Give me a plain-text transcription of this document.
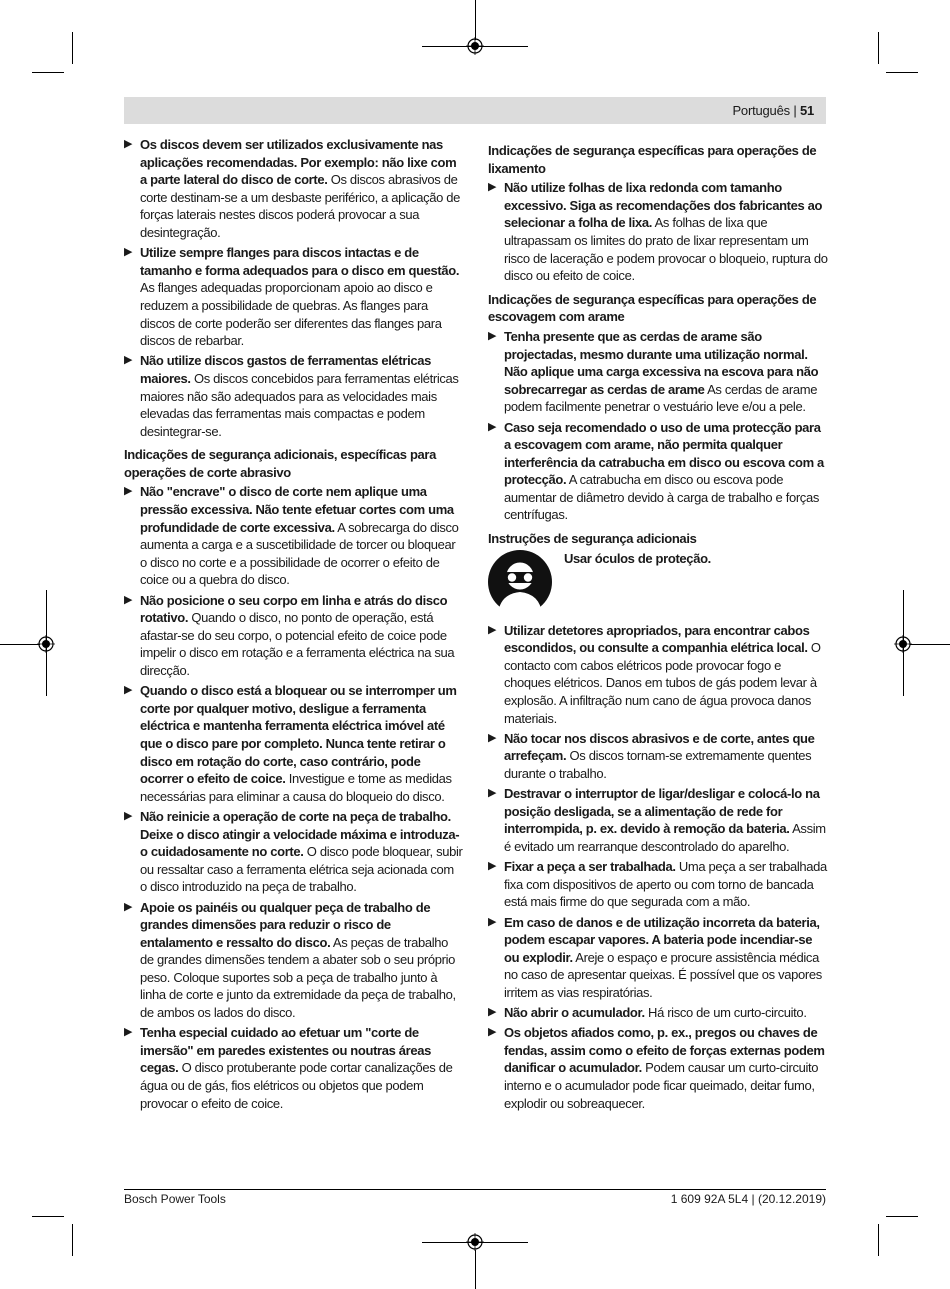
Português | 51
▶ Os discos devem ser utilizados exclusivamente nas aplicações recomendadas. Por exemplo: não lixe com a parte lateral do disco de corte. Os discos abrasivos de corte destinam-se a um desbaste periférico, a aplicação de forças laterais nestes discos poderá provocar a sua desintegração.
▶ Utilize sempre flanges para discos intactas e de tamanho e forma adequados para o disco em questão. As flanges adequadas proporcionam apoio ao disco e reduzem a possibilidade de quebras. As flanges para discos de corte poderão ser diferentes das flanges para discos de rebarbar.
▶ Não utilize discos gastos de ferramentas elétricas maiores. Os discos concebidos para ferramentas elétricas maiores não são adequados para as velocidades mais elevadas das ferramentas mais compactas e podem desintegrar-se.
Indicações de segurança adicionais, específicas para operações de corte abrasivo
▶ Não "encrave" o disco de corte nem aplique uma pressão excessiva. Não tente efetuar cortes com uma profundidade de corte excessiva. A sobrecarga do disco aumenta a carga e a suscetibilidade de torcer ou bloquear o disco no corte e a possibilidade de ocorrer o efeito de coice ou a quebra do disco.
▶ Não posicione o seu corpo em linha e atrás do disco rotativo. Quando o disco, no ponto de operação, está afastar-se do seu corpo, o potencial efeito de coice pode impelir o disco em rotação e a ferramenta eléctrica na sua direcção.
▶ Quando o disco está a bloquear ou se interromper um corte por qualquer motivo, desligue a ferramenta eléctrica e mantenha ferramenta eléctrica imóvel até que o disco pare por completo. Nunca tente retirar o disco em rotação do corte, caso contrário, pode ocorrer o efeito de coice. Investigue e tome as medidas necessárias para eliminar a causa do bloqueio do disco.
▶ Não reinicie a operação de corte na peça de trabalho. Deixe o disco atingir a velocidade máxima e introduza-o cuidadosamente no corte. O disco pode bloquear, subir ou ressaltar caso a ferramenta elétrica seja acionada com o disco introduzido na peça de trabalho.
▶ Apoie os painéis ou qualquer peça de trabalho de grandes dimensões para reduzir o risco de entalamento e ressalto do disco. As peças de trabalho de grandes dimensões tendem a abater sob o seu próprio peso. Coloque suportes sob a peça de trabalho junto à linha de corte e junto da extremidade da peça de trabalho, de ambos os lados do disco.
▶ Tenha especial cuidado ao efetuar um "corte de imersão" em paredes existentes ou noutras áreas cegas. O disco protuberante pode cortar canalizações de água ou de gás, fios elétricos ou objetos que podem provocar o efeito de coice.
Indicações de segurança específicas para operações de lixamento
▶ Não utilize folhas de lixa redonda com tamanho excessivo. Siga as recomendações dos fabricantes ao selecionar a folha de lixa. As folhas de lixa que ultrapassam os limites do prato de lixar representam um risco de laceração e podem provocar o bloqueio, ruptura do disco ou efeito de coice.
Indicações de segurança específicas para operações de escovagem com arame
▶ Tenha presente que as cerdas de arame são projectadas, mesmo durante uma utilização normal. Não aplique uma carga excessiva na escova para não sobrecarregar as cerdas de arame As cerdas de arame podem facilmente penetrar o vestuário leve e/ou a pele.
▶ Caso seja recomendado o uso de uma protecção para a escovagem com arame, não permita qualquer interferência da catrabucha em disco ou escova com a protecção. A catrabucha em disco ou escova pode aumentar de diâmetro devido à carga de trabalho e forças centrífugas.
Instruções de segurança adicionais
Usar óculos de proteção.
▶ Utilizar detetores apropriados, para encontrar cabos escondidos, ou consulte a companhia elétrica local. O contacto com cabos elétricos pode provocar fogo e choques elétricos. Danos em tubos de gás podem levar à explosão. A infiltração num cano de água provoca danos materiais.
▶ Não tocar nos discos abrasivos e de corte, antes que arrefeçam. Os discos tornam-se extremamente quentes durante o trabalho.
▶ Destravar o interruptor de ligar/desligar e colocá-lo na posição desligada, se a alimentação de rede for interrompida, p. ex. devido à remoção da bateria. Assim é evitado um rearranque descontrolado do aparelho.
▶ Fixar a peça a ser trabalhada. Uma peça a ser trabalhada fixa com dispositivos de aperto ou com torno de bancada está mais firme do que segurada com a mão.
▶ Em caso de danos e de utilização incorreta da bateria, podem escapar vapores. A bateria pode incendiar-se ou explodir. Areje o espaço e procure assistência médica no caso de apresentar queixas. É possível que os vapores irritem as vias respiratórias.
▶ Não abrir o acumulador. Há risco de um curto-circuito.
▶ Os objetos afiados como, p. ex., pregos ou chaves de fendas, assim como o efeito de forças externas podem danificar o acumulador. Podem causar um curto-circuito interno e o acumulador pode ficar queimado, deitar fumo, explodir ou sobreaquecer.
Bosch Power Tools	1 609 92A 5L4 | (20.12.2019)
